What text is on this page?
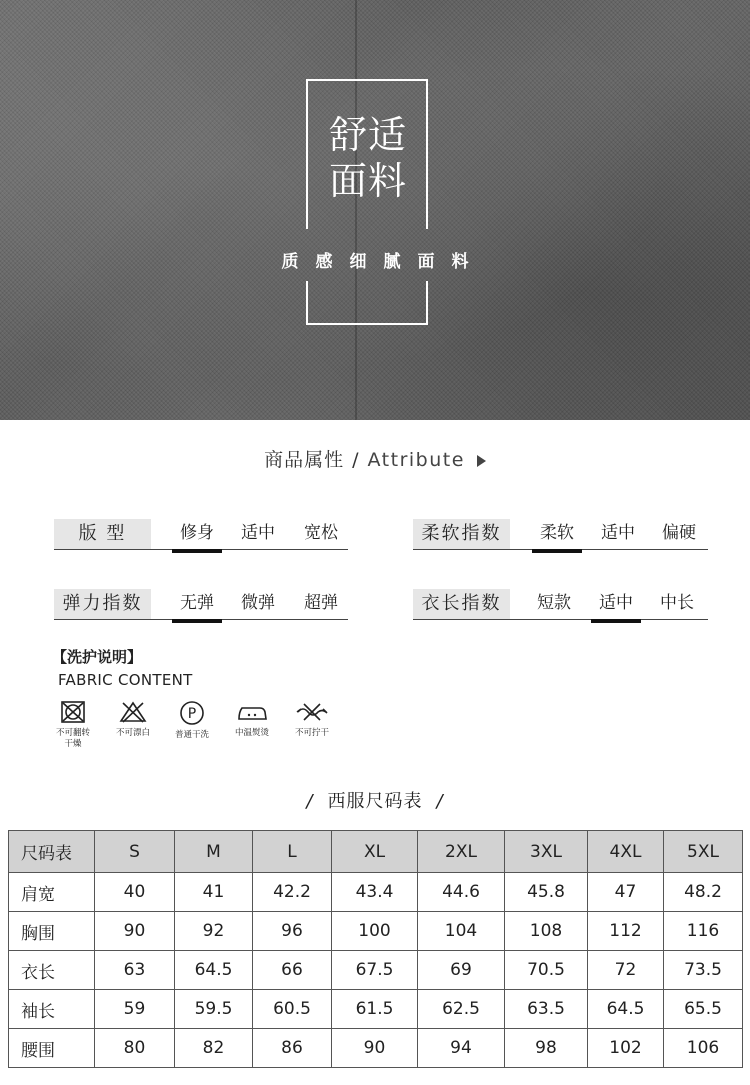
舒适
面料
质感细腻面料
商品属性 / Attribute
版 型	修身	适中	宽松	柔软指数	柔软	适中	偏硬
弹力指数	无弹	微弹	超弹	衣长指数	短款	适中	中长
【洗护说明】
FABRIC CONTENT
不可翻转
干燥
不可漂白
P
普通干洗	中温熨烫	不可拧干
/ 西服尺码表 /
尺码表	S	M	L	XL	2XL	3XL	4XL	5XL
肩宽	40	41	42.2	43.4	44.6	45.8	47	48.2
胸围	90	92	96	100	104	108	112	116
衣长	63	64.5	66	67.5	69	70.5	72	73.5
袖长	59	59.5	60.5	61.5	62.5	63.5	64.5	65.5
腰围	80	82	86	90	94	98	102	106
